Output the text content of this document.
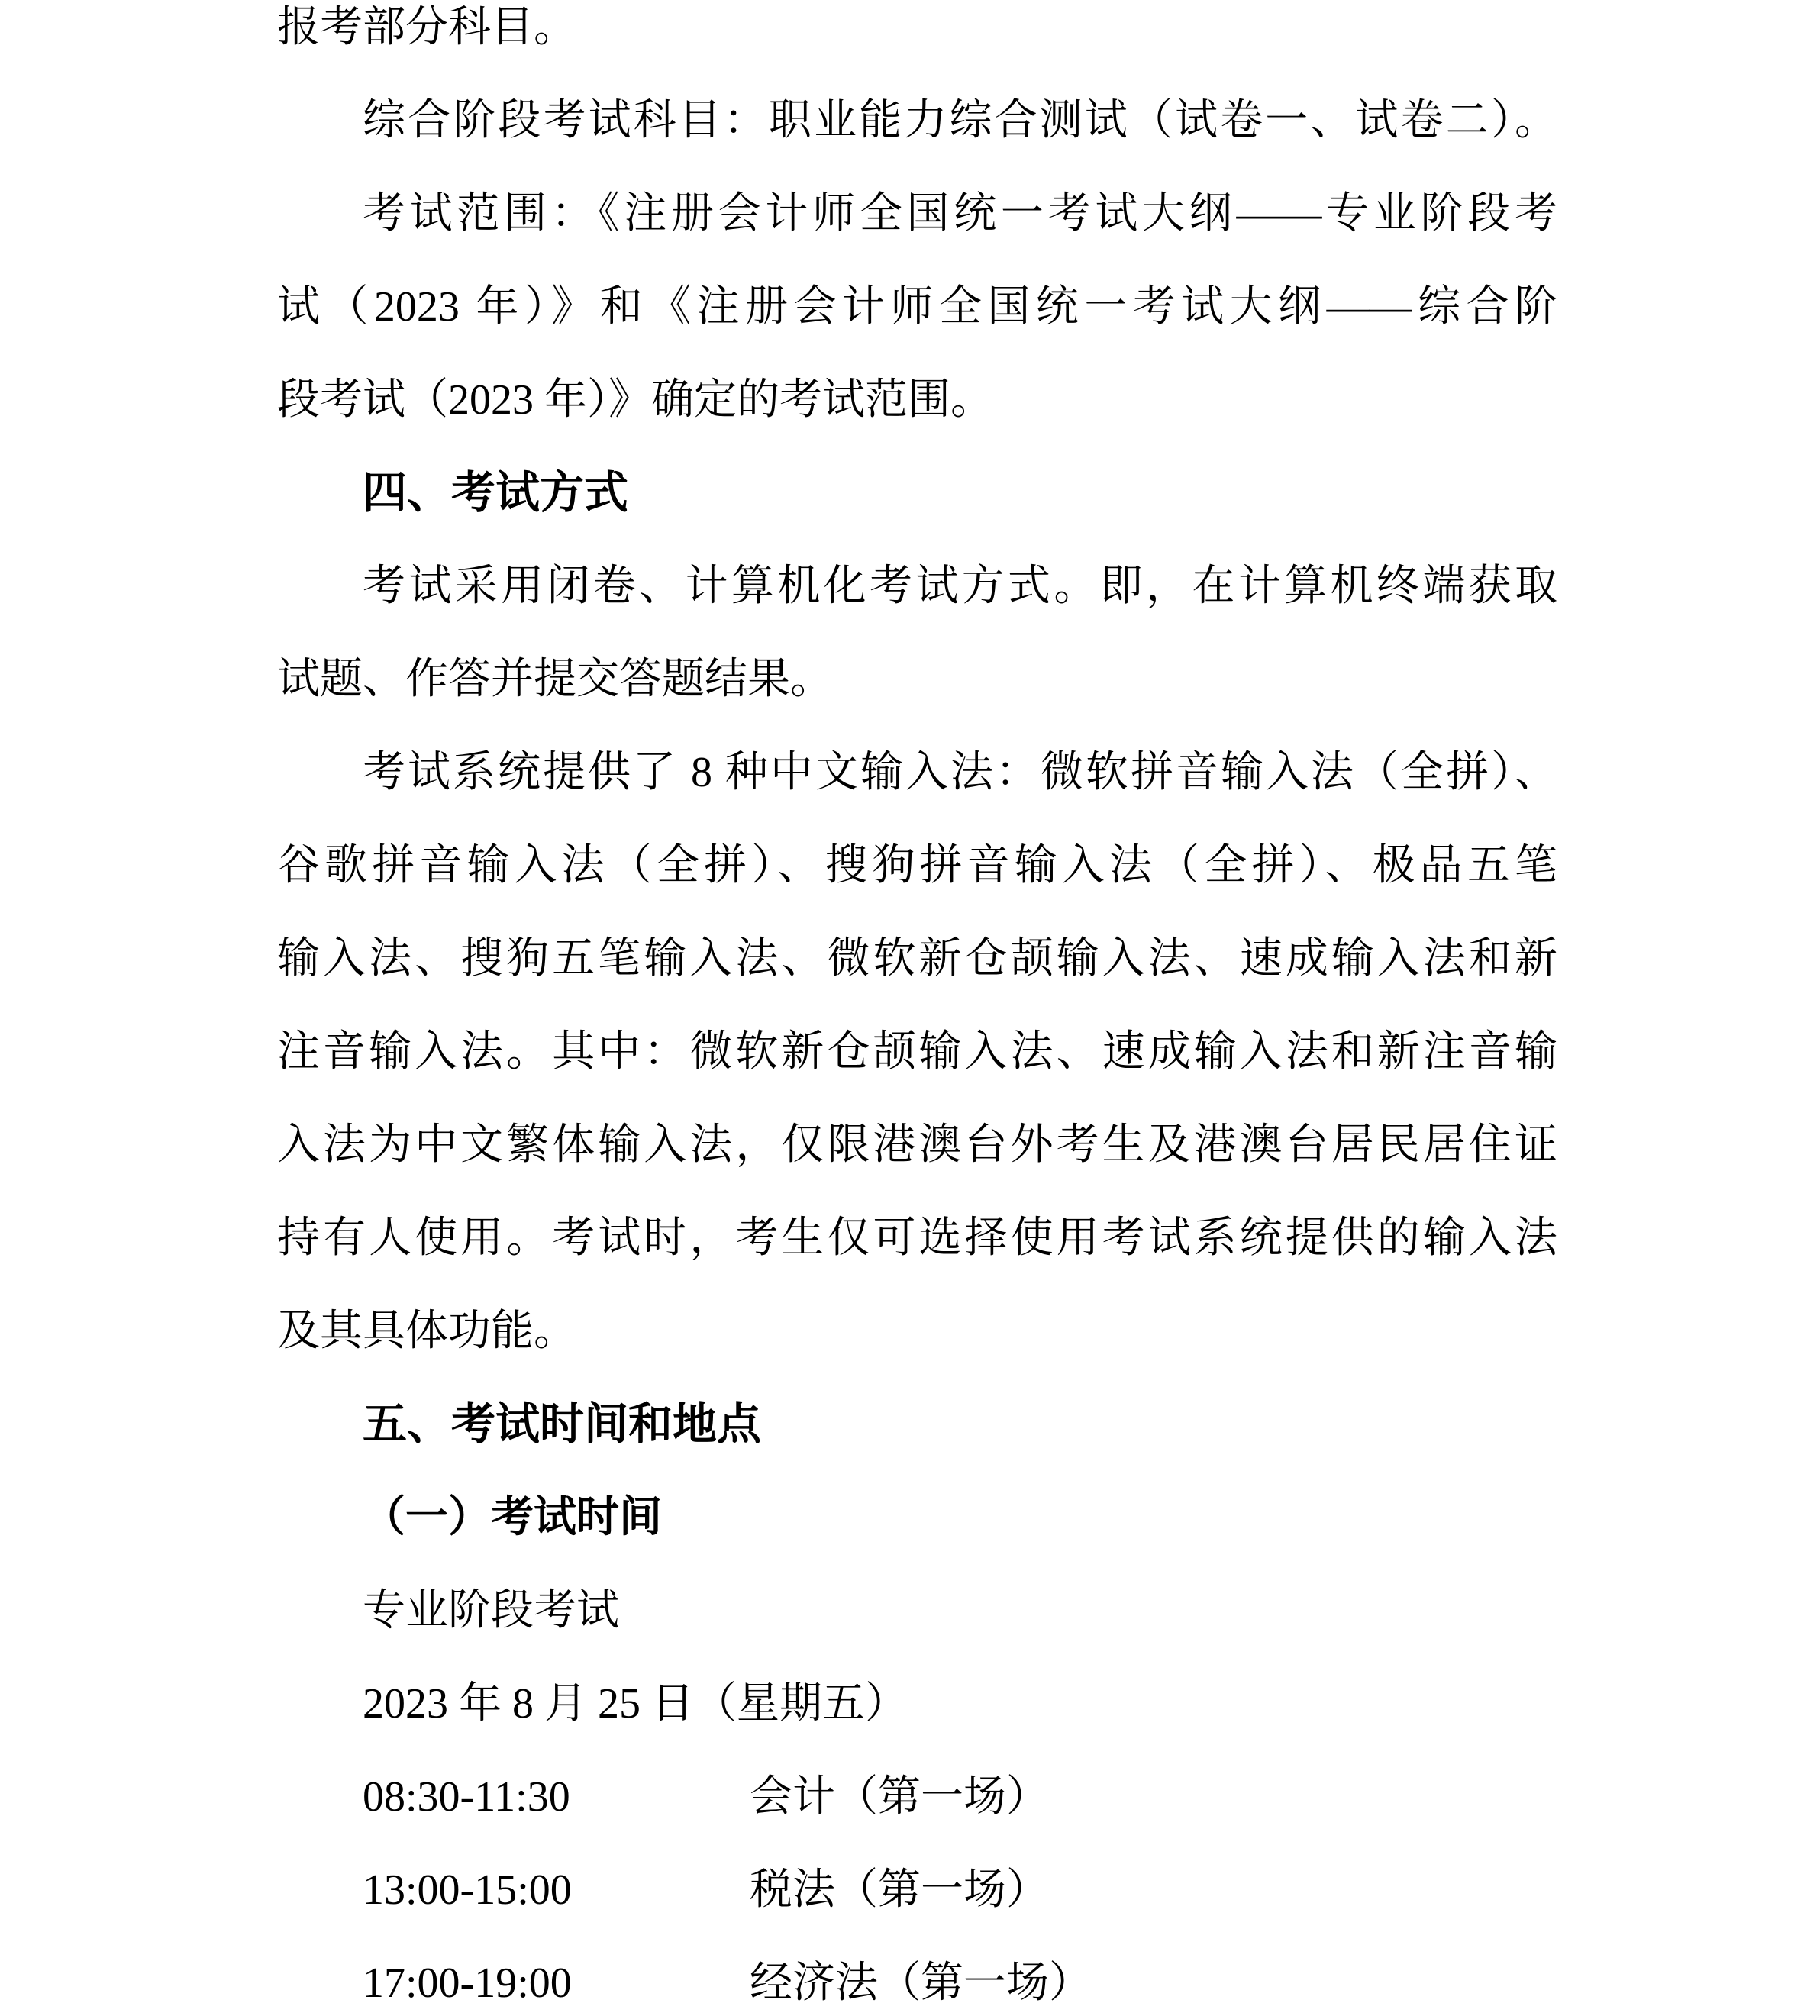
报考部分科目。
综合阶段考试科目：职业能力综合测试（试卷一、试卷二）。
考试范围：《注册会计师全国统一考试大纲——专业阶段考
试（2023 年）》和《注册会计师全国统一考试大纲——综合阶
段考试（2023 年）》确定的考试范围。
四、考试方式
考试采用闭卷、计算机化考试方式。即，在计算机终端获取
试题、作答并提交答题结果。
考试系统提供了 8 种中文输入法：微软拼音输入法（全拼）、
谷歌拼音输入法（全拼）、搜狗拼音输入法（全拼）、极品五笔
输入法、搜狗五笔输入法、微软新仓颉输入法、速成输入法和新
注音输入法。其中：微软新仓颉输入法、速成输入法和新注音输
入法为中文繁体输入法，仅限港澳台外考生及港澳台居民居住证
持有人使用。考试时，考生仅可选择使用考试系统提供的输入法
及其具体功能。
五、考试时间和地点
（一）考试时间
专业阶段考试
2023 年 8 月 25 日（星期五）
08:30-11:30	会计（第一场）
13:00-15:00	税法（第一场）
17:00-19:00	经济法（第一场）
